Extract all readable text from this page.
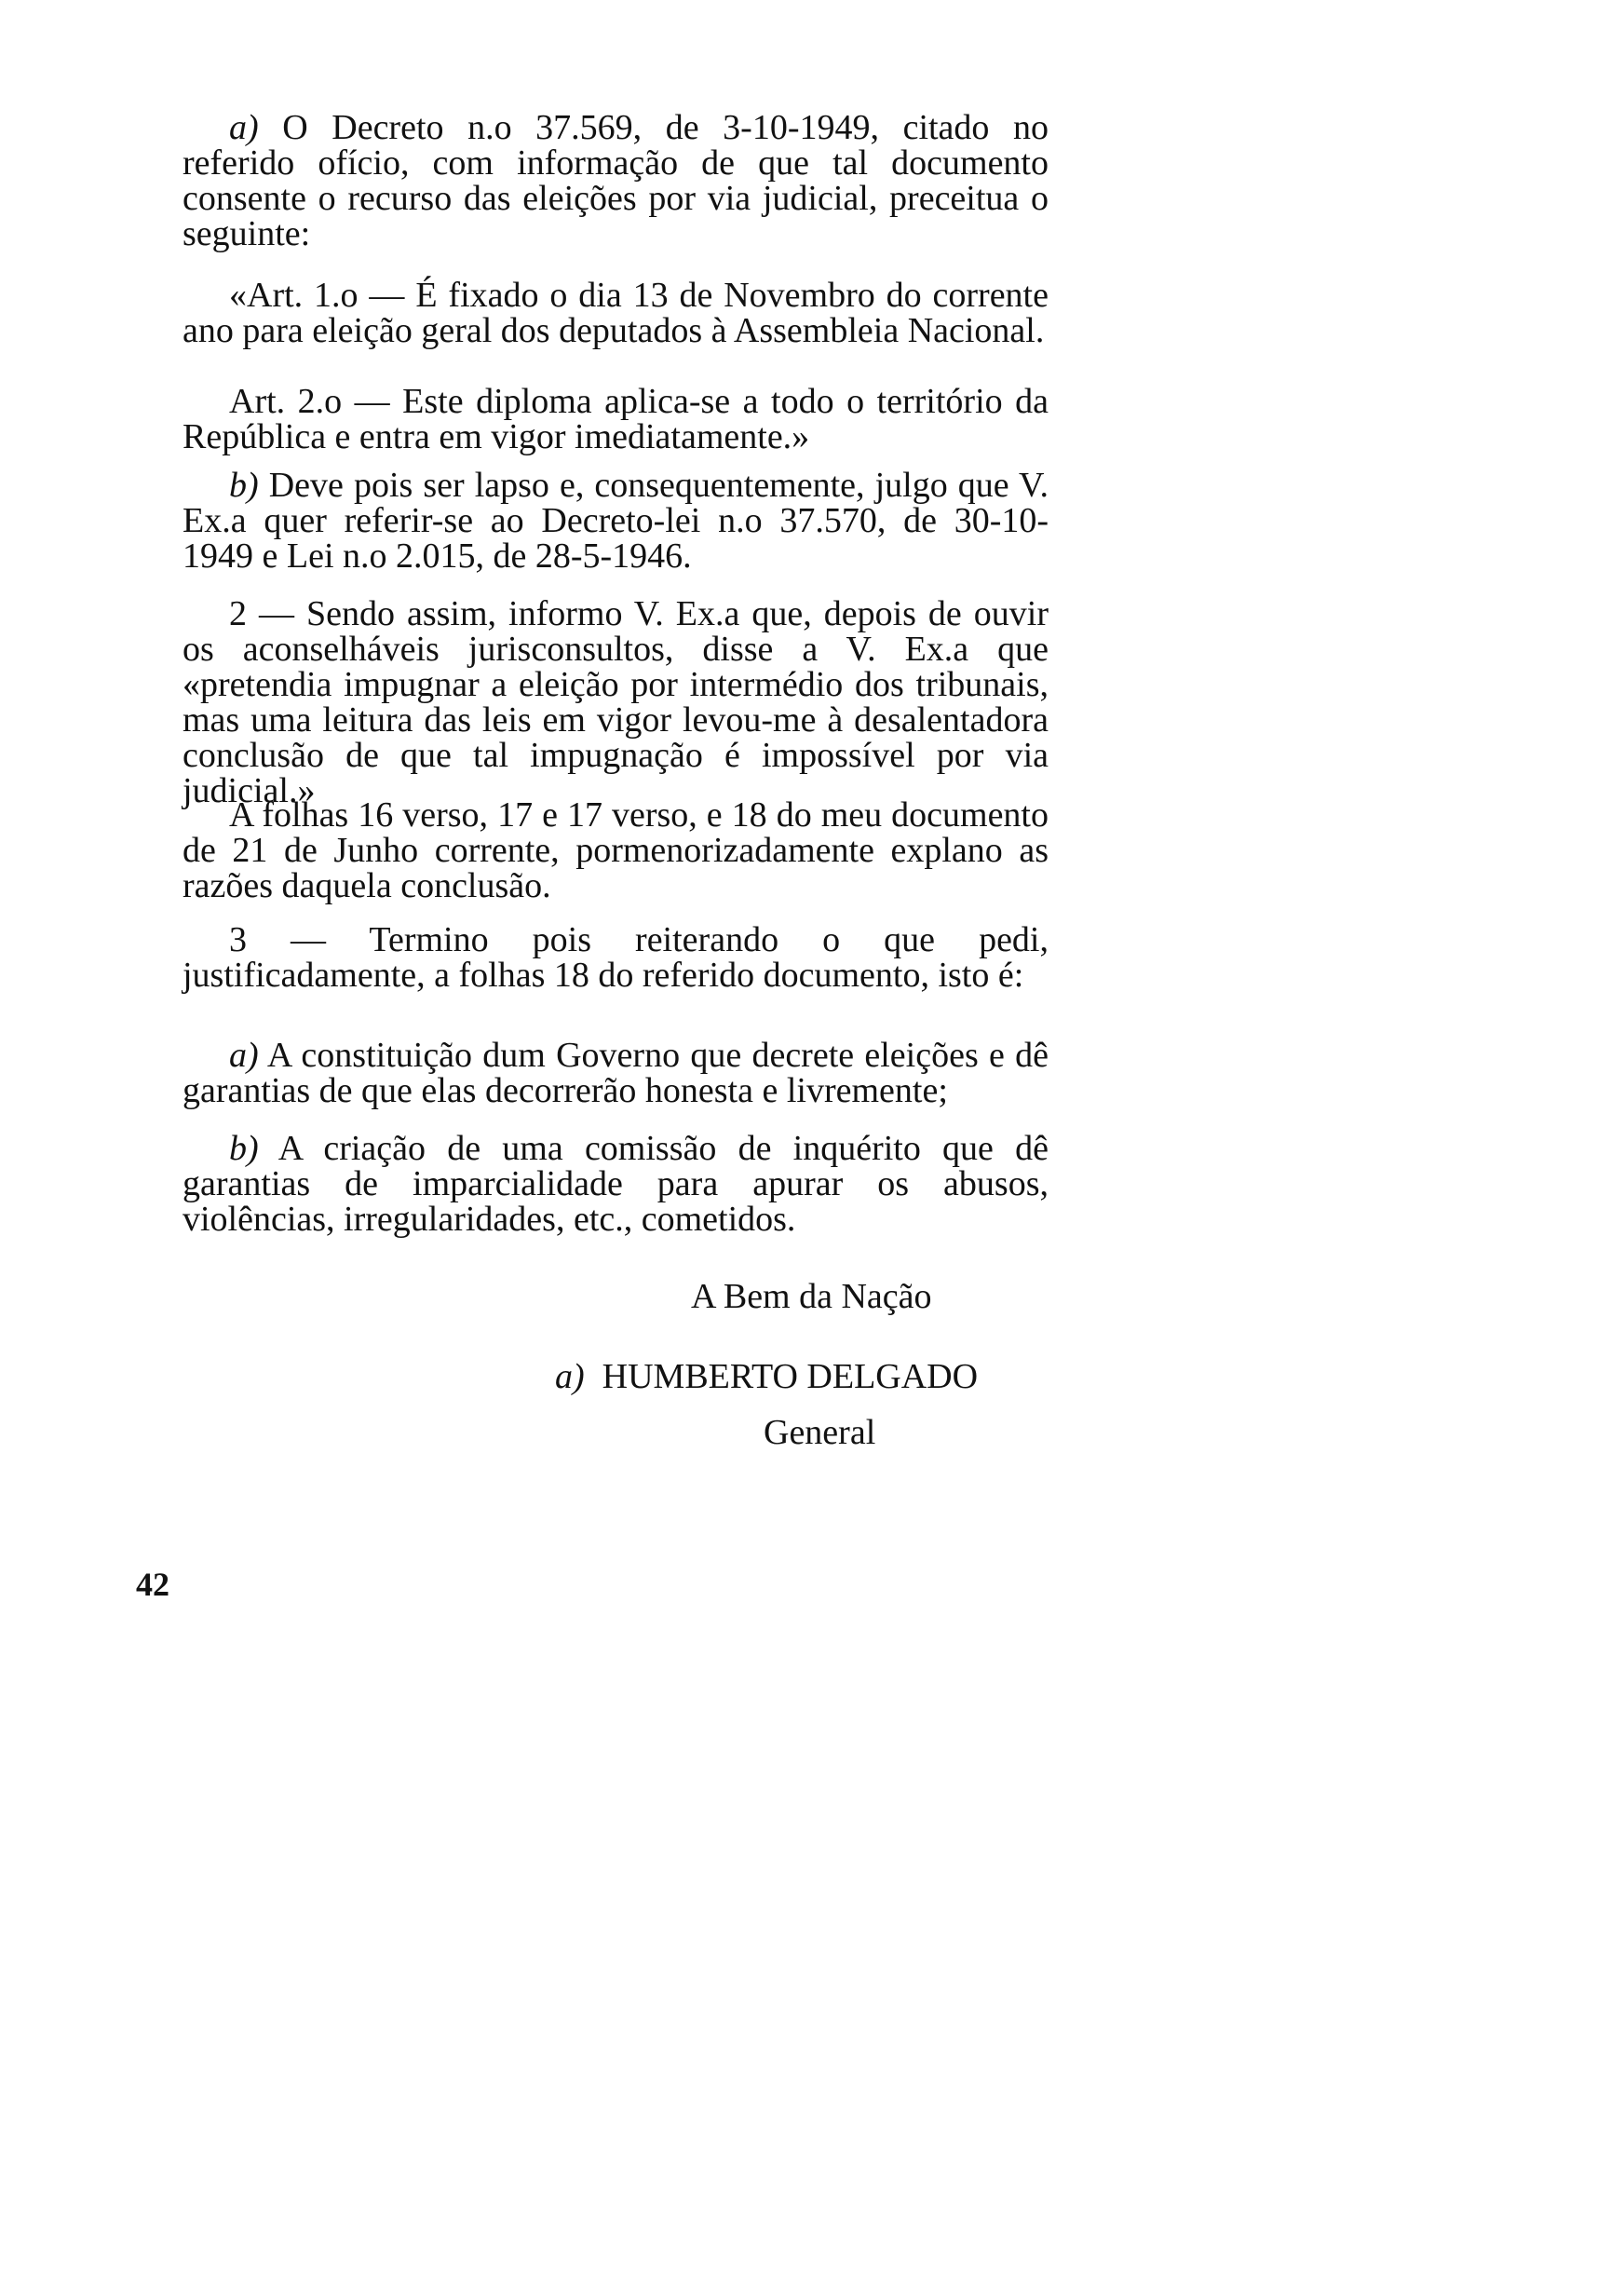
a) O Decreto n.o 37.569, de 3-10-1949, citado no referido ofício, com informação de que tal documento consente o recurso das eleições por via judicial, preceitua o seguinte:

«Art. 1.o — É fixado o dia 13 de Novembro do corrente ano para eleição geral dos deputados à Assembleia Nacional.

Art. 2.o — Este diploma aplica-se a todo o território da República e entra em vigor imediatamente.»

b) Deve pois ser lapso e, consequentemente, julgo que V. Ex.a quer referir-se ao Decreto-lei n.o 37.570, de 30-10-1949 e Lei n.o 2.015, de 28-5-1946.

2 — Sendo assim, informo V. Ex.a que, depois de ouvir os aconselháveis jurisconsultos, disse a V. Ex.a que «pretendia impugnar a eleição por intermédio dos tribunais, mas uma leitura das leis em vigor levou-me à desalentadora conclusão de que tal impugnação é impossível por via judicial.»

A folhas 16 verso, 17 e 17 verso, e 18 do meu documento de 21 de Junho corrente, pormenorizadamente explano as razões daquela conclusão.

3 — Termino pois reiterando o que pedi, justificadamente, a folhas 18 do referido documento, isto é:

a) A constituição dum Governo que decrete eleições e dê garantias de que elas decorrerão honesta e livremente;

b) A criação de uma comissão de inquérito que dê garantias de imparcialidade para apurar os abusos, violências, irregularidades, etc., cometidos.

A Bem da Nação
a) HUMBERTO DELGADO
General
42
